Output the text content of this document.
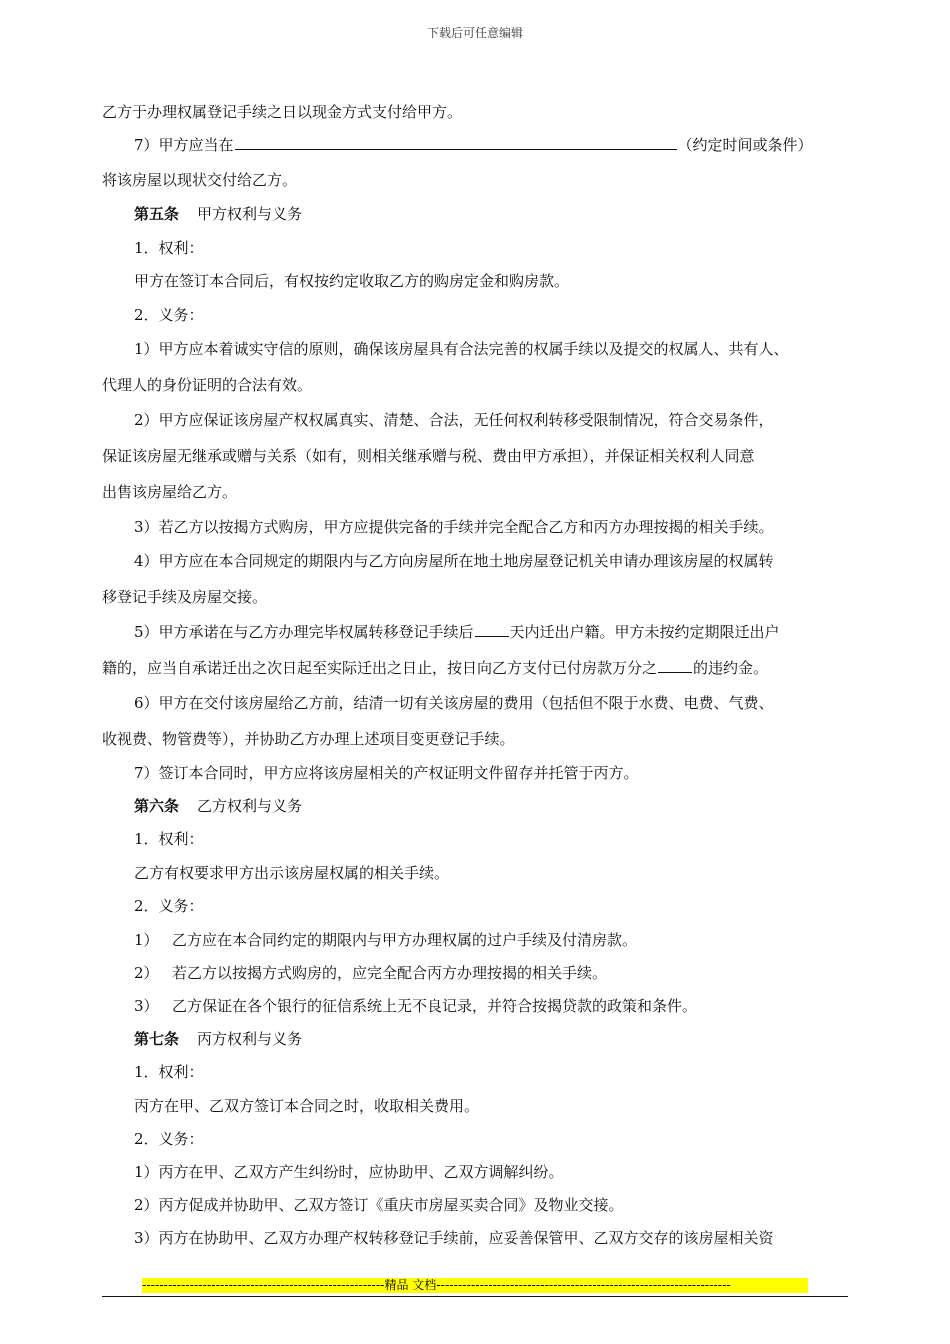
下载后可任意编辑
乙方于办理权属登记手续之日以现金方式支付给甲方。
7）甲方应当在	（约定时间或条件）
将该房屋以现状交付给乙方。
第五条 甲方权利与义务
1．权利：
甲方在签订本合同后，有权按约定收取乙方的购房定金和购房款。
2．义务：
1）甲方应本着诚实守信的原则，确保该房屋具有合法完善的权属手续以及提交的权属人、共有人、
代理人的身份证明的合法有效。
2）甲方应保证该房屋产权权属真实、清楚、合法，无任何权利转移受限制情况，符合交易条件，
保证该房屋无继承或赠与关系（如有，则相关继承赠与税、费由甲方承担），并保证相关权利人同意
出售该房屋给乙方。
3）若乙方以按揭方式购房，甲方应提供完备的手续并完全配合乙方和丙方办理按揭的相关手续。
4）甲方应在本合同规定的期限内与乙方向房屋所在地土地房屋登记机关申请办理该房屋的权属转
移登记手续及房屋交接。
5）甲方承诺在与乙方办理完毕权属转移登记手续后 天内迁出户籍。甲方未按约定期限迁出户
籍的，应当自承诺迁出之次日起至实际迁出之日止，按日向乙方支付已付房款万分之 的违约金。
6）甲方在交付该房屋给乙方前，结清一切有关该房屋的费用（包括但不限于水费、电费、气费、
收视费、物管费等），并协助乙方办理上述项目变更登记手续。
7）签订本合同时，甲方应将该房屋相关的产权证明文件留存并托管于丙方。
第六条 乙方权利与义务
1．权利：
乙方有权要求甲方出示该房屋权属的相关手续。
2．义务：
1） 乙方应在本合同约定的期限内与甲方办理权属的过户手续及付清房款。
2） 若乙方以按揭方式购房的，应完全配合丙方办理按揭的相关手续。
3） 乙方保证在各个银行的征信系统上无不良记录，并符合按揭贷款的政策和条件。
第七条 丙方权利与义务
1．权利：
丙方在甲、乙双方签订本合同之时，收取相关费用。
2．义务：
1）丙方在甲、乙双方产生纠纷时，应协助甲、乙双方调解纠纷。
2）丙方促成并协助甲、乙双方签订《重庆市房屋买卖合同》及物业交接。
3）丙方在协助甲、乙双方办理产权转移登记手续前，应妥善保管甲、乙双方交存的该房屋相关资
--------------------------------------------------------精品 文档--------------------------------------------------------------------
